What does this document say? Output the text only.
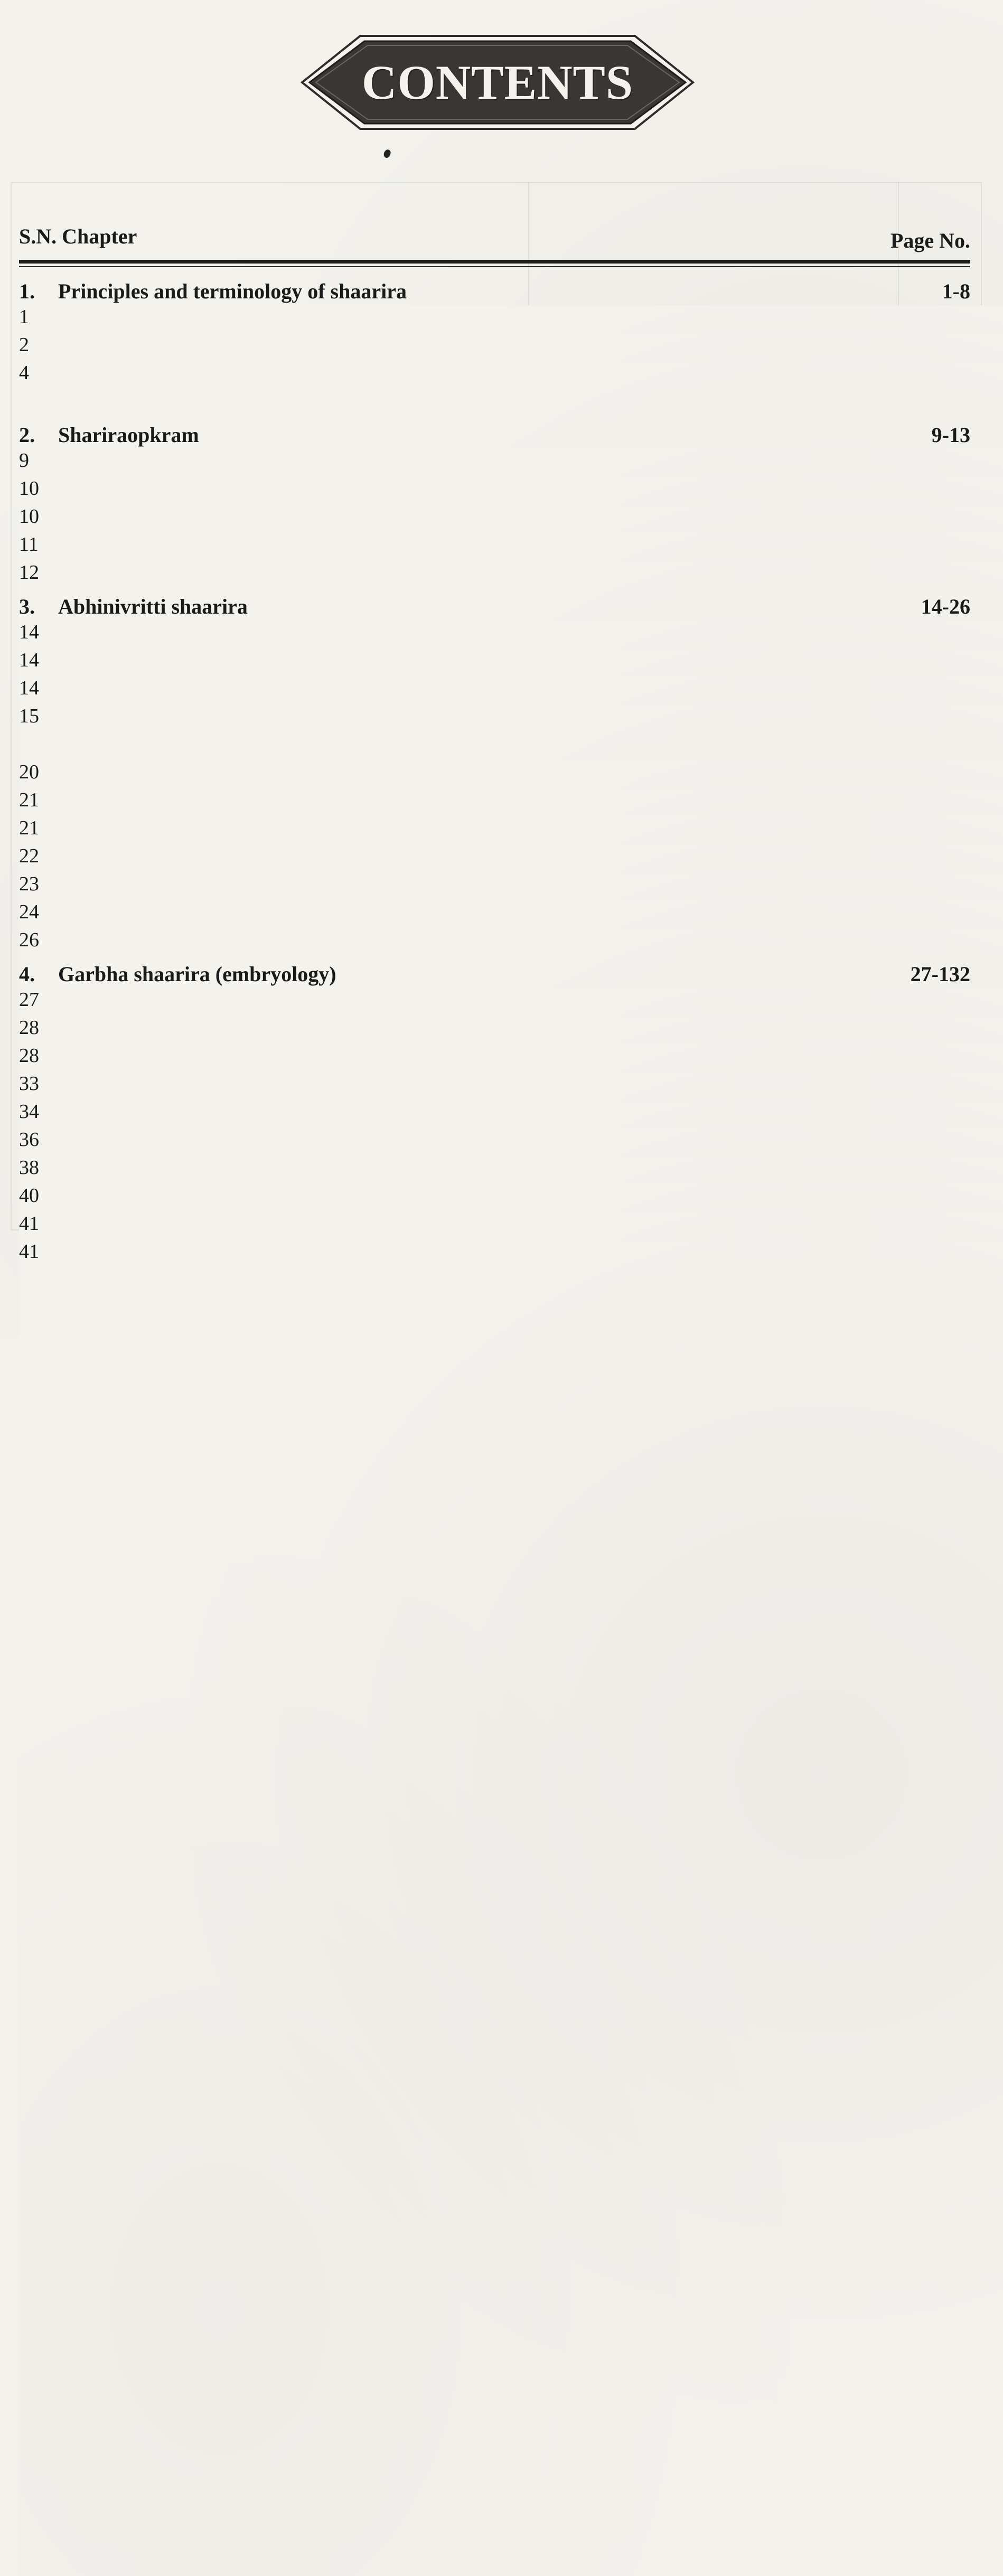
CONTENTS
S.N. Chapter	Page No.
1. Principles and terminology of shaarira	1-8
1
2
4
2. Shariraopkram	9-13
9
10
10
11
12
3. Abhinivritti shaarira	14-26
14
14
14
15
20
21
21
22
23
24
26
4. Garbha shaarira (embryology)	27-132
27
28
28
33
34
36
38
40
41
41
